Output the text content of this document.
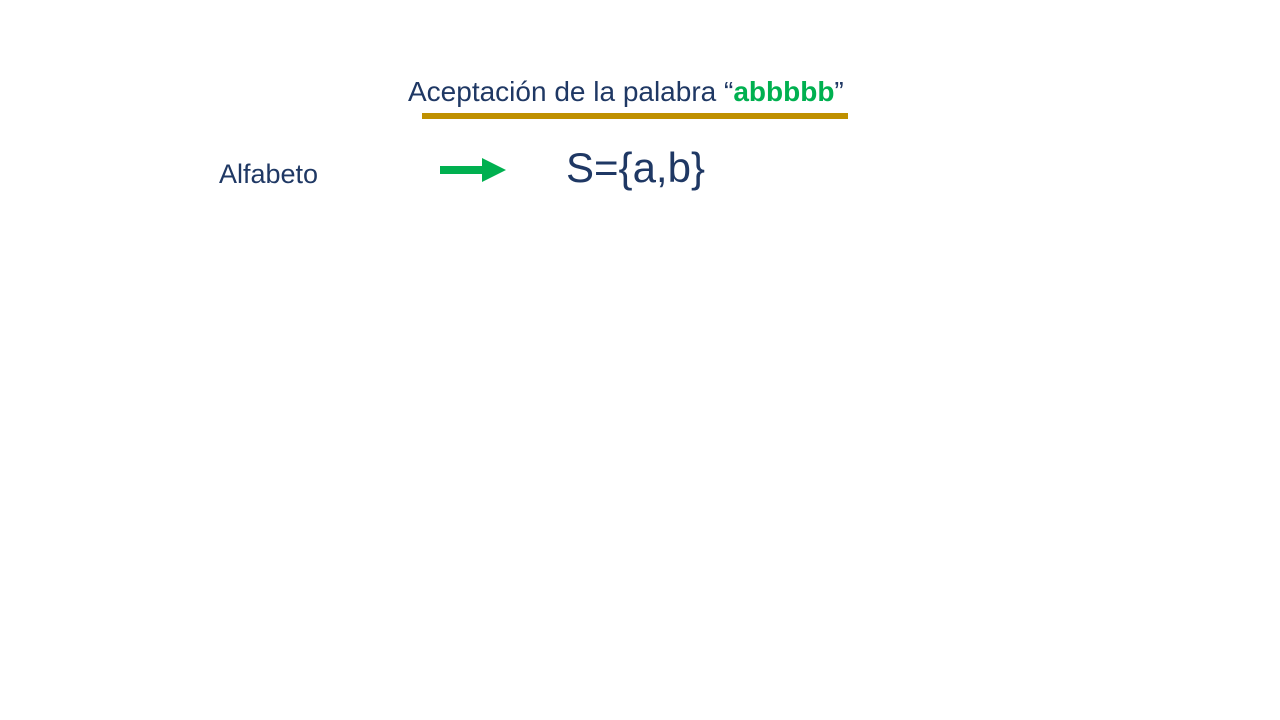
Aceptación de la palabra “abbbbb”
Alfabeto	S={a,b}
